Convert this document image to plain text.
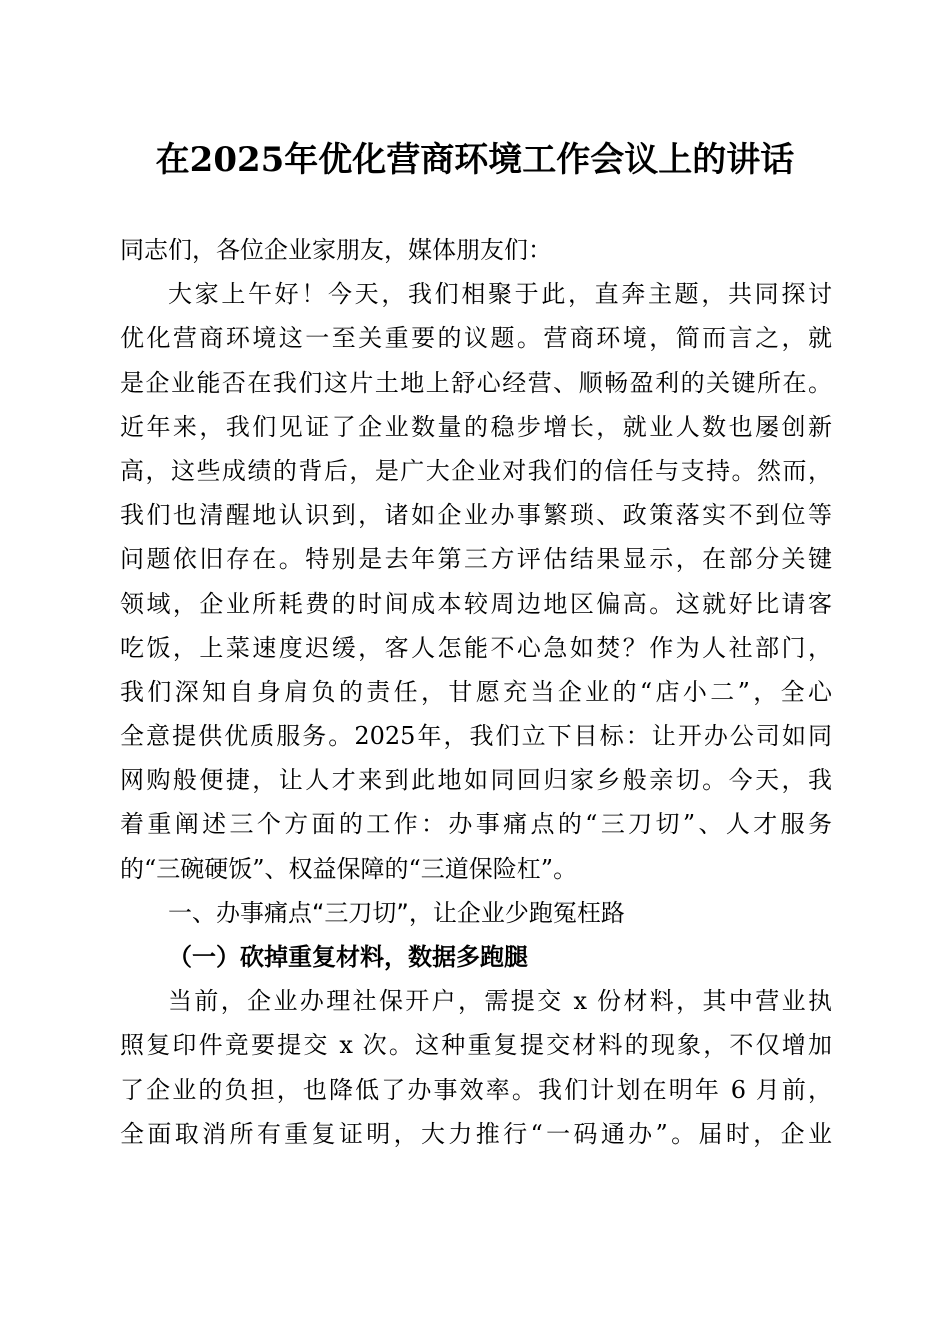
在2025年优化营商环境工作会议上的讲话
同志们，各位企业家朋友，媒体朋友们：
大家上午好！今天，我们相聚于此，直奔主题，共同探讨
优化营商环境这一至关重要的议题。营商环境，简而言之，就
是企业能否在我们这片土地上舒心经营、顺畅盈利的关键所在。
近年来，我们见证了企业数量的稳步增长，就业人数也屡创新
高，这些成绩的背后，是广大企业对我们的信任与支持。然而，
我们也清醒地认识到，诸如企业办事繁琐、政策落实不到位等
问题依旧存在。特别是去年第三方评估结果显示，在部分关键
领域，企业所耗费的时间成本较周边地区偏高。这就好比请客
吃饭，上菜速度迟缓，客人怎能不心急如焚？作为人社部门，
我们深知自身肩负的责任，甘愿充当企业的“店小二”，全心
全意提供优质服务。2025年，我们立下目标：让开办公司如同
网购般便捷，让人才来到此地如同回归家乡般亲切。今天，我
着重阐述三个方面的工作：办事痛点的“三刀切”、人才服务
的“三碗硬饭”、权益保障的“三道保险杠”。
一、办事痛点“三刀切”，让企业少跑冤枉路
（一）砍掉重复材料，数据多跑腿
当前，企业办理社保开户，需提交 x 份材料，其中营业执
照复印件竟要提交 x 次。这种重复提交材料的现象，不仅增加
了企业的负担，也降低了办事效率。我们计划在明年 6 月前，
全面取消所有重复证明，大力推行“一码通办”。届时，企业
